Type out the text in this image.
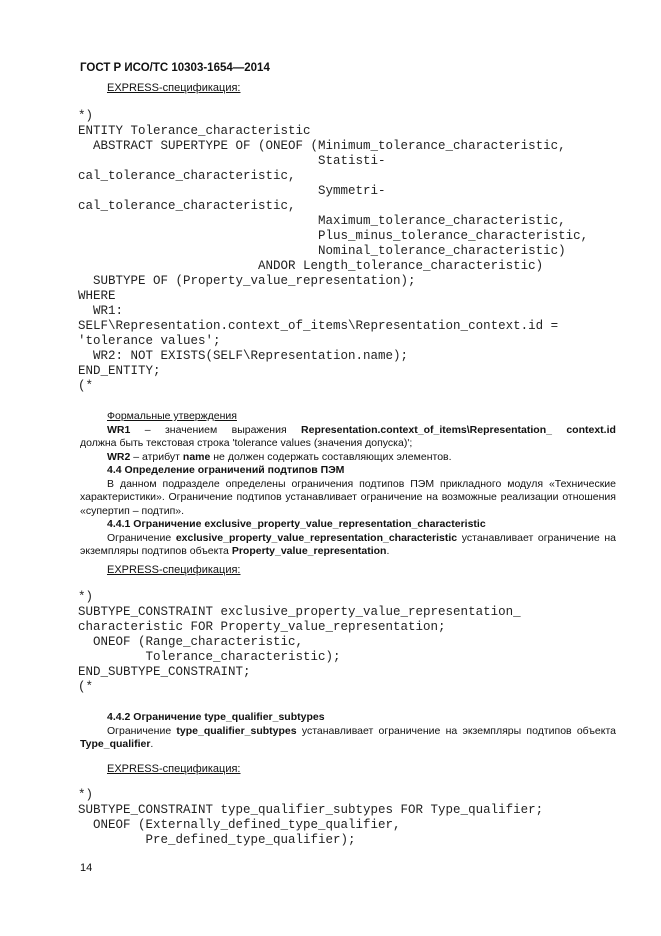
ГОСТ Р ИСО/ТС 10303-1654—2014
EXPRESS-спецификация:
*)
ENTITY Tolerance_characteristic
ABSTRACT SUPERTYPE OF (ONEOF (Minimum_tolerance_characteristic,
Statisti-
cal_tolerance_characteristic,
Symmetri-
cal_tolerance_characteristic,
Maximum_tolerance_characteristic,
Plus_minus_tolerance_characteristic,
Nominal_tolerance_characteristic)
ANDOR Length_tolerance_characteristic)
SUBTYPE OF (Property_value_representation);
WHERE
WR1:
SELF\Representation.context_of_items\Representation_context.id =
'tolerance values';
WR2: NOT EXISTS(SELF\Representation.name);
END_ENTITY;
(*
Формальные утверждения
WR1 – значением выражения Representation.context_of_items\Representation_ context.id
должна быть текстовая строка 'tolerance values (значения допуска)';
WR2 – атрибут name не должен содержать составляющих элементов.
4.4 Определение ограничений подтипов ПЭМ
В данном подразделе определены ограничения подтипов ПЭМ прикладного модуля «Технические характеристики». Ограничение подтипов устанавливает ограничение на возможные реализации отношения «супертип – подтип».
4.4.1 Ограничение exclusive_property_value_representation_characteristic
Ограничение exclusive_property_value_representation_characteristic устанавливает ограничение на экземпляры подтипов объекта Property_value_representation.
EXPRESS-спецификация:
*)
SUBTYPE_CONSTRAINT exclusive_property_value_representation_
characteristic FOR Property_value_representation;
ONEOF (Range_characteristic,
Tolerance_characteristic);
END_SUBTYPE_CONSTRAINT;
(*
4.4.2 Ограничение type_qualifier_subtypes
Ограничение type_qualifier_subtypes устанавливает ограничение на экземпляры подтипов объекта Type_qualifier.
EXPRESS-спецификация:
*)
SUBTYPE_CONSTRAINT type_qualifier_subtypes FOR Type_qualifier;
ONEOF (Externally_defined_type_qualifier,
Pre_defined_type_qualifier);
14
